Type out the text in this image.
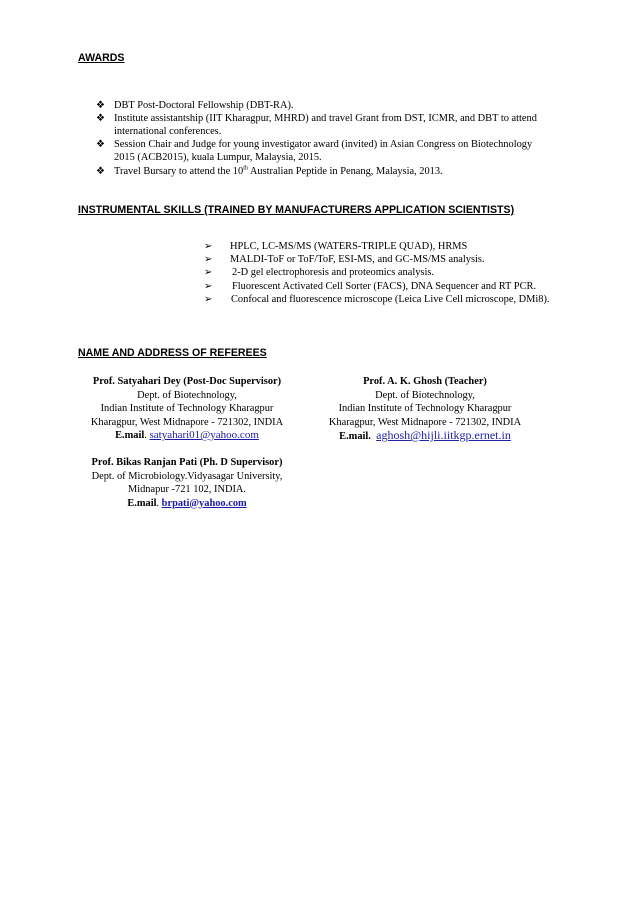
AWARDS
❖ DBT Post-Doctoral Fellowship (DBT-RA).
❖ Institute assistantship (IIT Kharagpur, MHRD) and travel Grant from DST, ICMR, and DBT to attend
international conferences.
❖ Session Chair and Judge for young investigator award (invited) in Asian Congress on Biotechnology
2015 (ACB2015), kuala Lumpur, Malaysia, 2015.
❖ Travel Bursary to attend the 10th Australian Peptide in Penang, Malaysia, 2013.
INSTRUMENTAL SKILLS (TRAINED BY MANUFACTURERS APPLICATION SCIENTISTS)
➢ HPLC, LC-MS/MS (WATERS-TRIPLE QUAD), HRMS
➢ MALDI-ToF or ToF/ToF, ESI-MS, and GC-MS/MS analysis.
➢ 2-D gel electrophoresis and proteomics analysis.
➢ Fluorescent Activated Cell Sorter (FACS), DNA Sequencer and RT PCR.
➢ Confocal and fluorescence microscope (Leica Live Cell microscope, DMi8).
NAME AND ADDRESS OF REFEREES
Prof. Satyahari Dey (Post-Doc Supervisor)
Dept. of Biotechnology,
Indian Institute of Technology Kharagpur
Kharagpur, West Midnapore - 721302, INDIA
E.mail. satyahari01@yahoo.com
Prof. A. K. Ghosh (Teacher)
Dept. of Biotechnology,
Indian Institute of Technology Kharagpur
Kharagpur, West Midnapore - 721302, INDIA
E.mail. aghosh@hijli.iitkgp.ernet.in
Prof. Bikas Ranjan Pati (Ph. D Supervisor)
Dept. of Microbiology.Vidyasagar University,
Midnapur -721 102, INDIA.
E.mail. brpati@yahoo.com
